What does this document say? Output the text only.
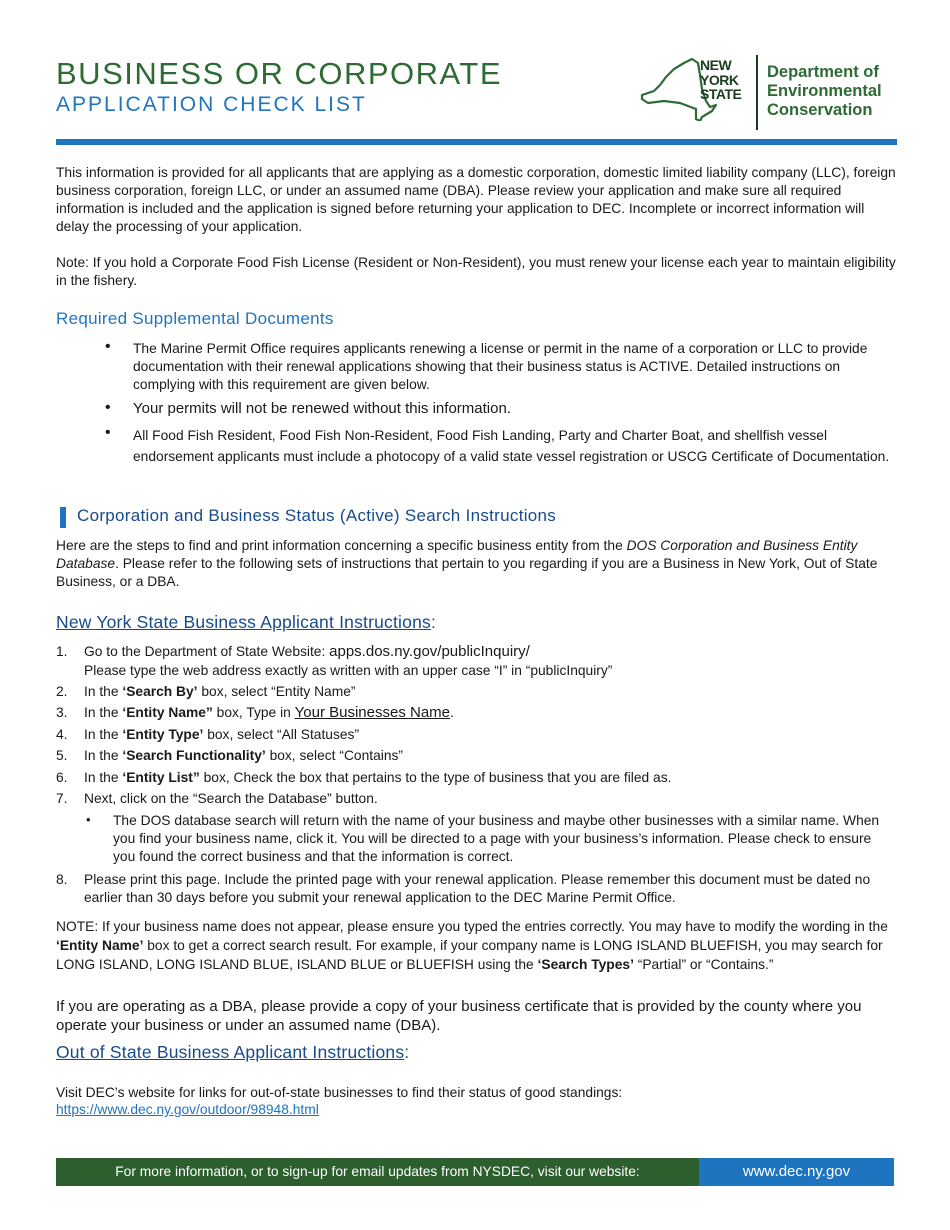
BUSINESS OR CORPORATE
APPLICATION CHECK LIST
NEW
YORK
STATE
Department of
Environmental
Conservation
This information is provided for all applicants that are applying as a domestic corporation, domestic limited liability company (LLC), foreign business corporation, foreign LLC, or under an assumed name (DBA). Please review your application and make sure all required information is included and the application is signed before returning your application to DEC. Incomplete or incorrect information will delay the processing of your application.
Note: If you hold a Corporate Food Fish License (Resident or Non-Resident), you must renew your license each year to maintain eligibility in the fishery.
Required Supplemental Documents
• The Marine Permit Office requires applicants renewing a license or permit in the name of a corporation or LLC to provide documentation with their renewal applications showing that their business status is ACTIVE. Detailed instructions on complying with this requirement are given below.
• Your permits will not be renewed without this information.
• All Food Fish Resident, Food Fish Non-Resident, Food Fish Landing, Party and Charter Boat, and shellfish vessel endorsement applicants must include a photocopy of a valid state vessel registration or USCG Certificate of Documentation.
Corporation and Business Status (Active) Search Instructions
Here are the steps to find and print information concerning a specific business entity from the DOS Corporation and Business Entity Database. Please refer to the following sets of instructions that pertain to you regarding if you are a Business in New York, Out of State Business, or a DBA.
New York State Business Applicant Instructions:
1. Go to the Department of State Website: apps.dos.ny.gov/publicInquiry/
Please type the web address exactly as written with an upper case “I” in “publicInquiry”
2. In the ‘Search By’ box, select “Entity Name”
3. In the ‘Entity Name” box, Type in Your Businesses Name.
4. In the ‘Entity Type’ box, select “All Statuses”
5. In the ‘Search Functionality’ box, select “Contains”
6. In the ‘Entity List” box, Check the box that pertains to the type of business that you are filed as.
7. Next, click on the “Search the Database” button.
• The DOS database search will return with the name of your business and maybe other businesses with a similar name. When you find your business name, click it. You will be directed to a page with your business’s information. Please check to ensure you found the correct business and that the information is correct.
8. Please print this page. Include the printed page with your renewal application. Please remember this document must be dated no earlier than 30 days before you submit your renewal application to the DEC Marine Permit Office.
NOTE: If your business name does not appear, please ensure you typed the entries correctly. You may have to modify the wording in the ‘Entity Name’ box to get a correct search result. For example, if your company name is LONG ISLAND BLUEFISH, you may search for LONG ISLAND, LONG ISLAND BLUE, ISLAND BLUE or BLUEFISH using the ‘Search Types’ “Partial” or “Contains.”
If you are operating as a DBA, please provide a copy of your business certificate that is provided by the county where you operate your business or under an assumed name (DBA).
Out of State Business Applicant Instructions:
Visit DEC’s website for links for out-of-state businesses to find their status of good standings:
https://www.dec.ny.gov/outdoor/98948.html
For more information, or to sign-up for email updates from NYSDEC, visit our website:	www.dec.ny.gov
